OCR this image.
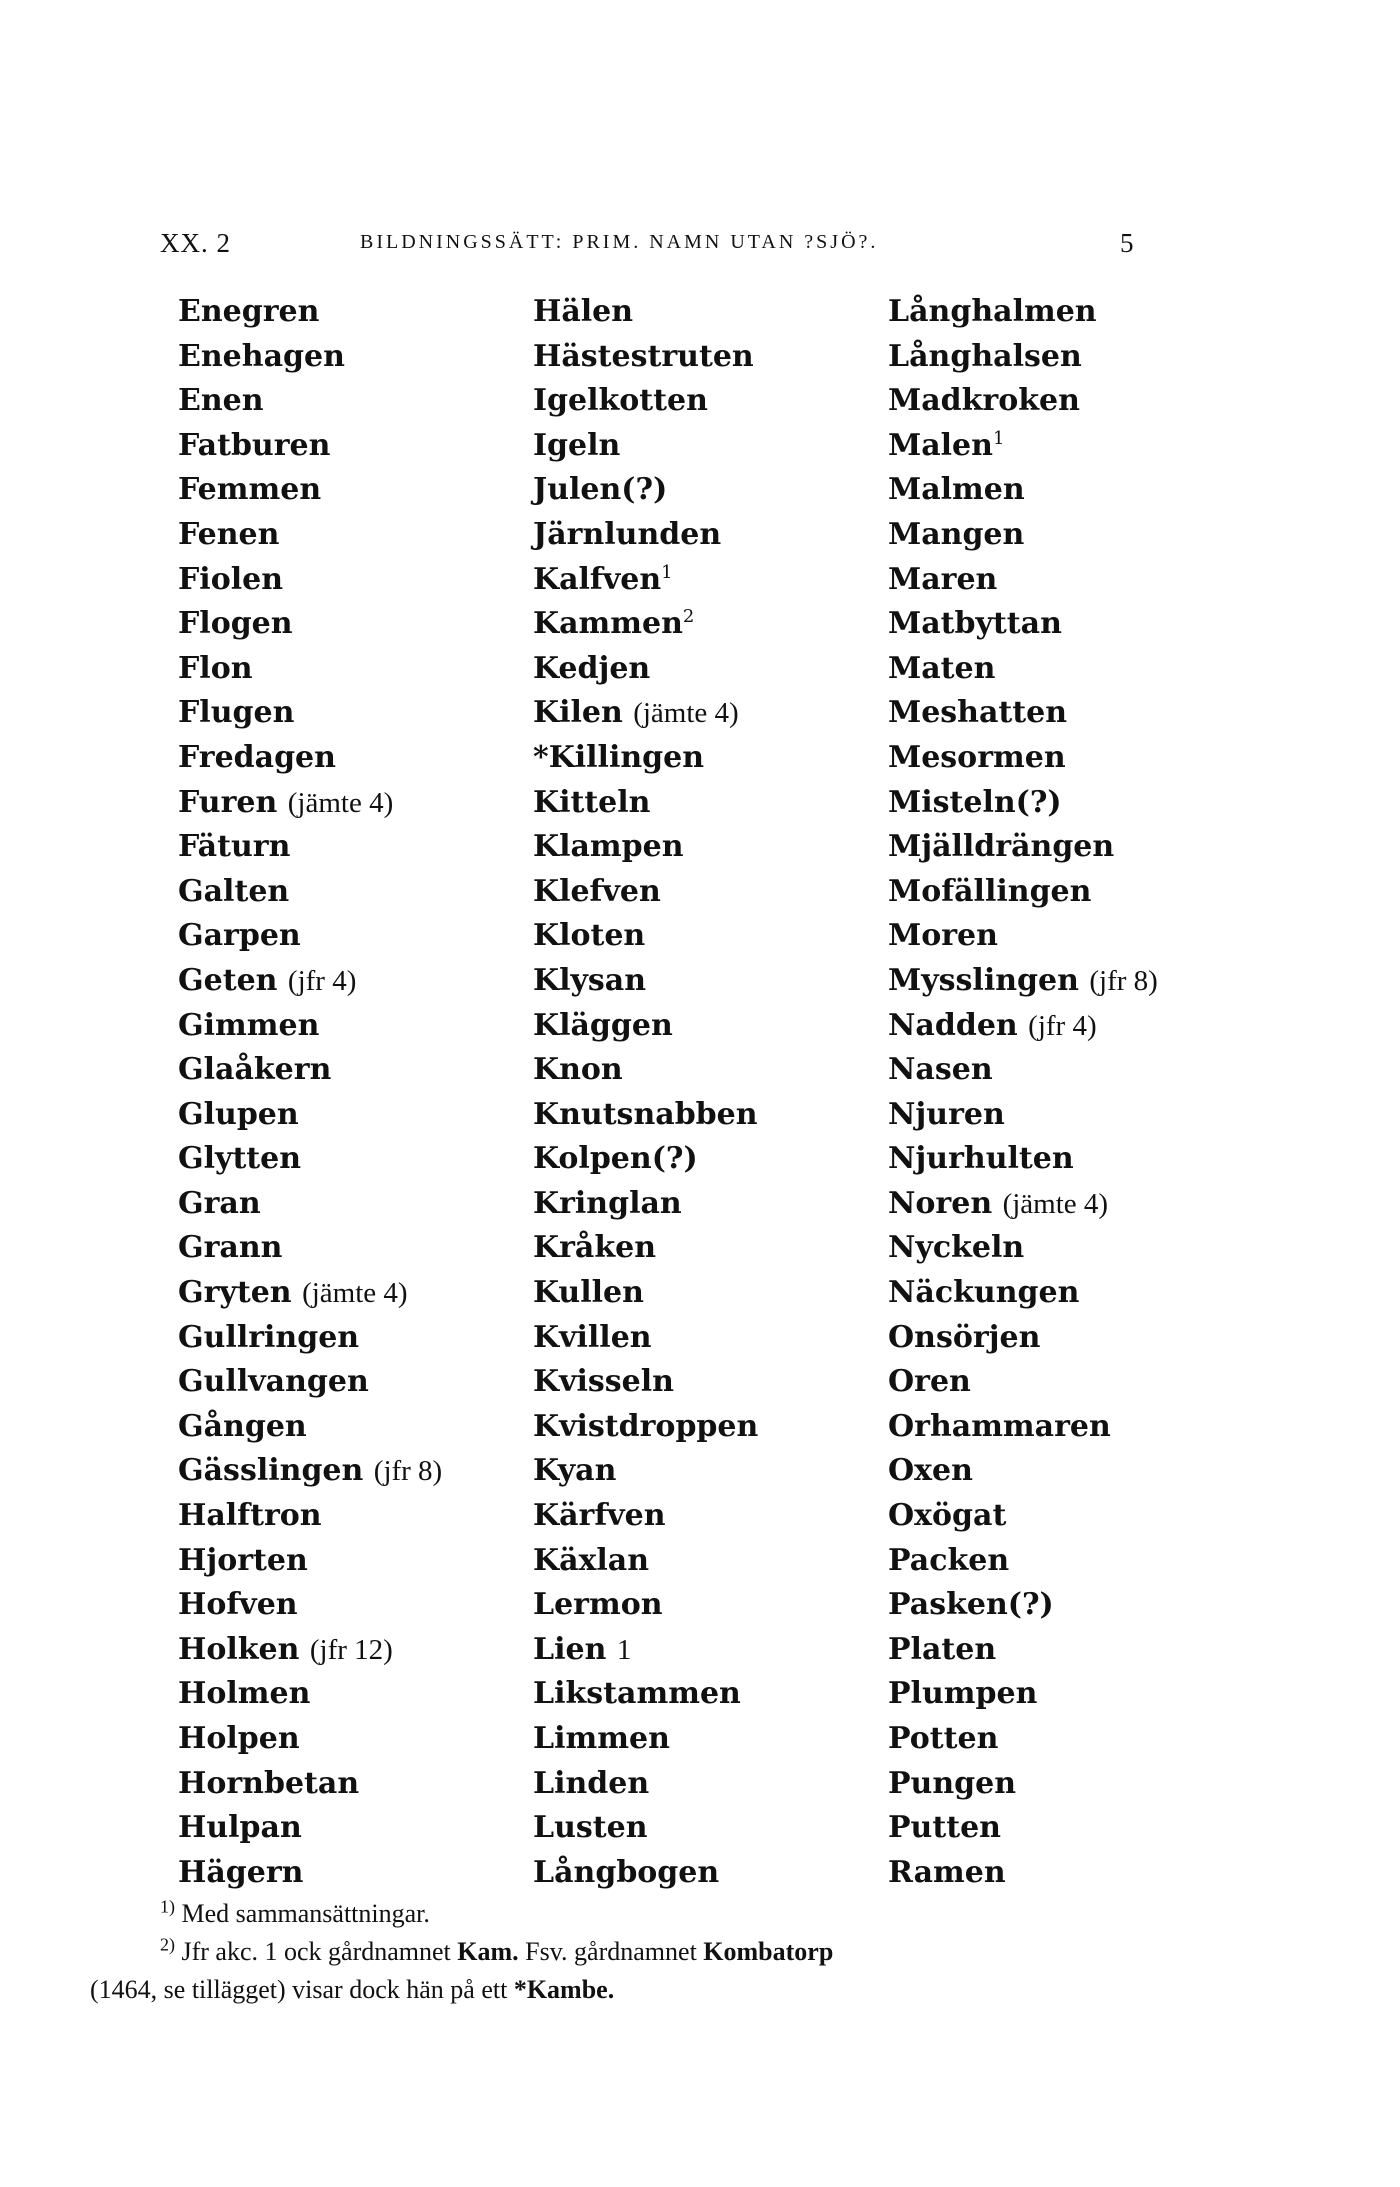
XX. 2	BILDNINGSSÄTT: PRIM. NAMN UTAN ?SJÖ?.	5
Enegren
Enehagen
Enen
Fatburen
Femmen
Fenen
Fiolen
Flogen
Flon
Flugen
Fredagen
Furen (jämte 4)
Fäturn
Galten
Garpen
Geten (jfr 4)
Gimmen
Glaåkern
Glupen
Glytten
Gran
Grann
Gryten (jämte 4)
Gullringen
Gullvangen
Gången
Gässlingen (jfr 8)
Halftron
Hjorten
Hofven
Holken (jfr 12)
Holmen
Holpen
Hornbetan
Hulpan
Hägern
Hälen
Hästestruten
Igelkotten
Igeln
Julen(?)
Järnlunden
Kalfven$^1$
Kammen$^2$
Kedjen
Kilen (jämte 4)
*Killingen
Kitteln
Klampen
Klefven
Kloten
Klysan
Kläggen
Knon
Knutsnabben
Kolpen(?)
Kringlan
Kråken
Kullen
Kvillen
Kvisseln
Kvistdroppen
Kyan
Kärfven
Käxlan
Lermon
Lien 1
Likstammen
Limmen
Linden
Lusten
Långbogen
Långhalmen
Långhalsen
Madkroken
Malen$^1$
Malmen
Mangen
Maren
Matbyttan
Maten
Meshatten
Mesormen
Misteln(?)
Mjälldrängen
Mofällingen
Moren
Mysslingen (jfr 8)
Nadden (jfr 4)
Nasen
Njuren
Njurhulten
Noren (jämte 4)
Nyckeln
Näckungen
Onsörjen
Oren
Orhammaren
Oxen
Oxögat
Packen
Pasken(?)
Platen
Plumpen
Potten
Pungen
Putten
Ramen
$^{1)}$ Med sammansättningar.
$^{2)}$ Jfr akc. 1 ock gårdnamnet Kam. Fsv. gårdnamnet Kombatorp
(1464, se tillägget) visar dock hän på ett *Kambe.
